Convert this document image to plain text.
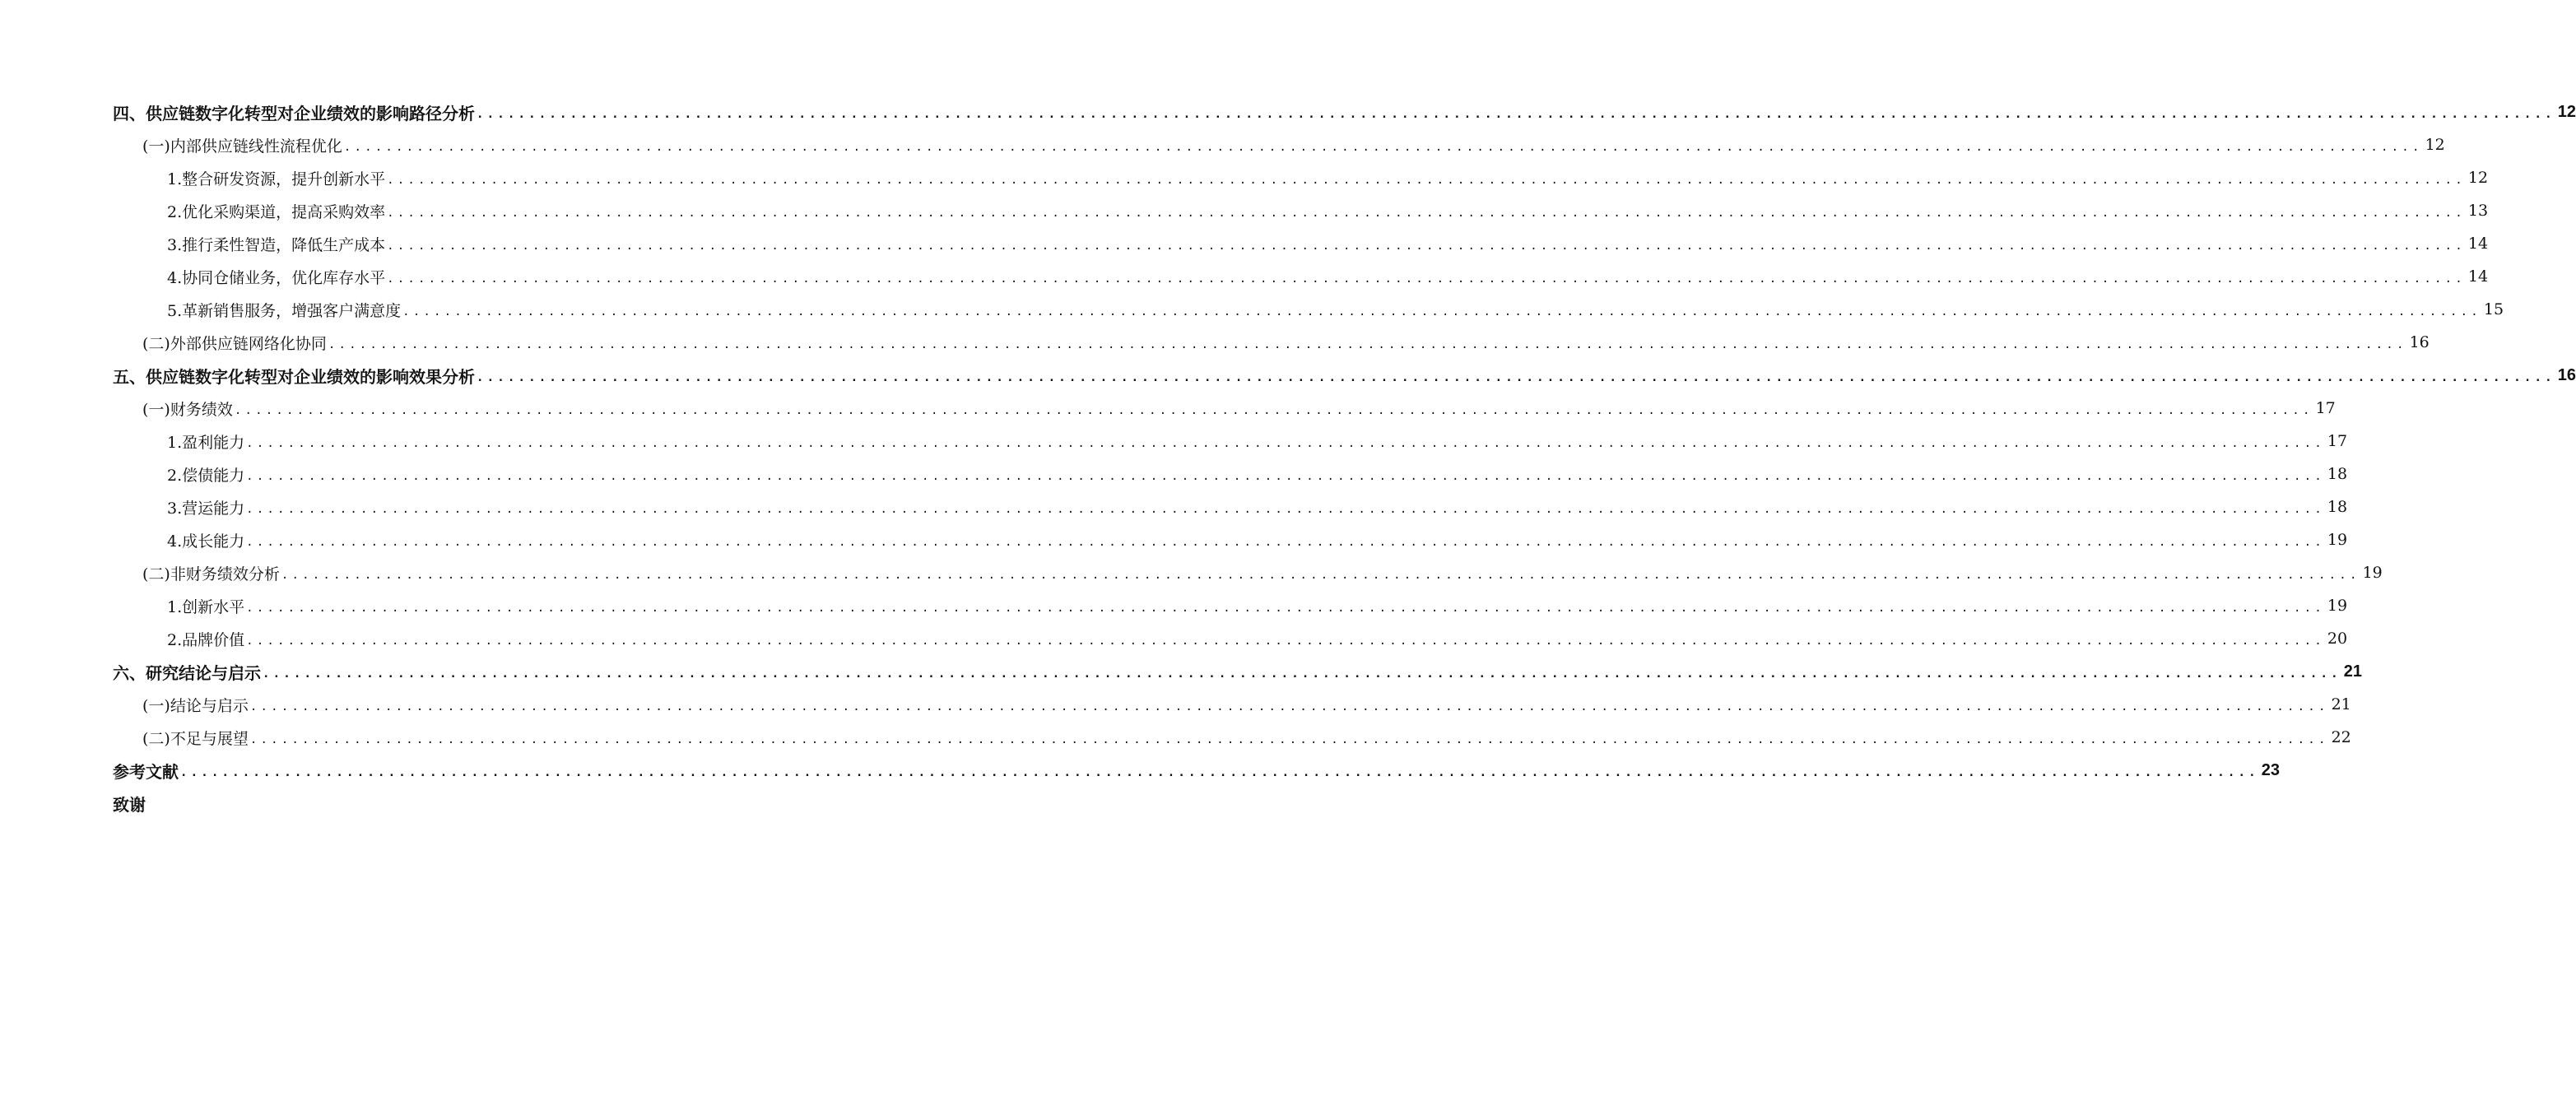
四、供应链数字化转型对企业绩效的影响路径分析 ........................................................................................................................................................................................................ 12
(一)内部供应链线性流程优化 ........................................................................................................................................................................................................ 12
1.整合研发资源，提升创新水平 ........................................................................................................................................................................................................ 12
2.优化采购渠道，提高采购效率 ........................................................................................................................................................................................................ 13
3.推行柔性智造，降低生产成本 ........................................................................................................................................................................................................ 14
4.协同仓储业务，优化库存水平 ........................................................................................................................................................................................................ 14
5.革新销售服务，增强客户满意度 ........................................................................................................................................................................................................ 15
(二)外部供应链网络化协同 ........................................................................................................................................................................................................ 16
五、供应链数字化转型对企业绩效的影响效果分析 ........................................................................................................................................................................................................ 16
(一)财务绩效 ........................................................................................................................................................................................................ 17
1.盈利能力 ........................................................................................................................................................................................................ 17
2.偿债能力 ........................................................................................................................................................................................................ 18
3.营运能力 ........................................................................................................................................................................................................ 18
4.成长能力 ........................................................................................................................................................................................................ 19
(二)非财务绩效分析 ........................................................................................................................................................................................................ 19
1.创新水平 ........................................................................................................................................................................................................ 19
2.品牌价值 ........................................................................................................................................................................................................ 20
六、研究结论与启示 ........................................................................................................................................................................................................ 21
(一)结论与启示 ........................................................................................................................................................................................................ 21
(二)不足与展望 ........................................................................................................................................................................................................ 22
参考文献 ........................................................................................................................................................................................................ 23
致谢
